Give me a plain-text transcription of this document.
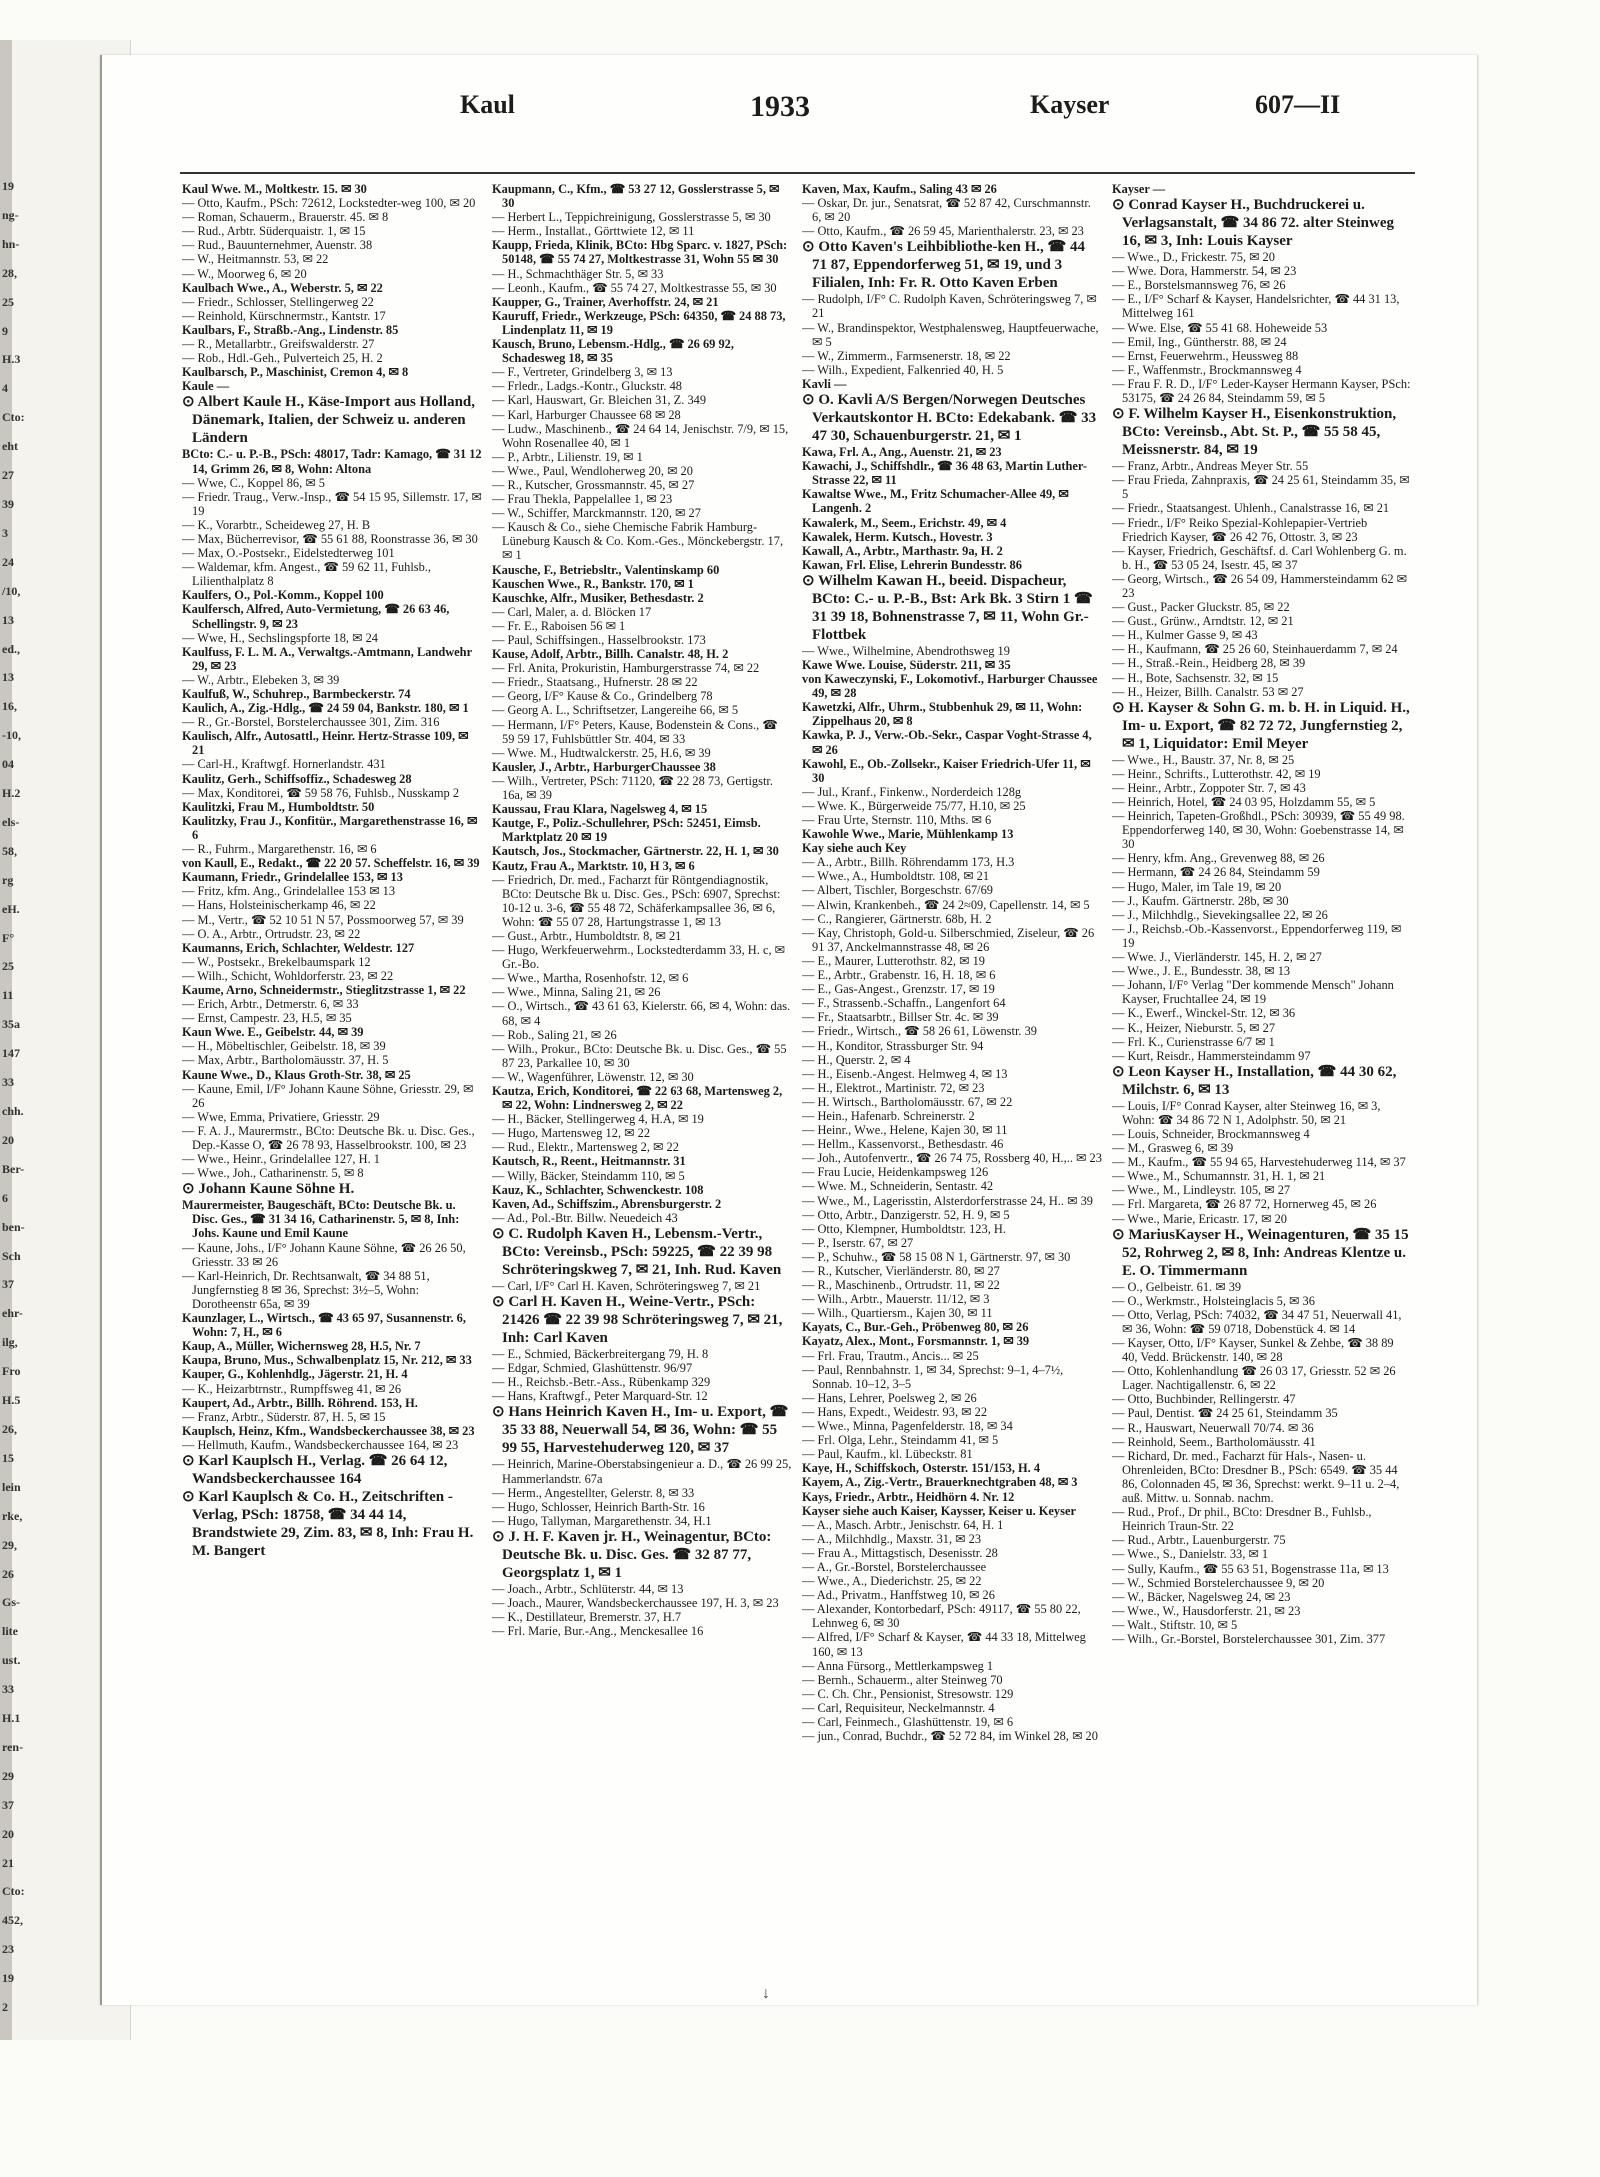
19
ng-
hn-
28,
25
9
H.3
4
Cto:
eht
27
39
3
24
/10,
13
ed.,
13
16,
-10,
04
H.2
els-
58,
rg
eH.
F°
25
11
35a
147
33
chh.
20
Ber-
6
ben-
Sch
37
ehr-
ilg,
Fro
H.5
26,
15
lein
rke,
29,
26
Gs-
lite
ust.
33
H.1
ren-
29
37
20
21
Cto:
452,
23
19
2
Kaul	1933	Kayser	607—II

Kaul Wwe. M., Moltkestr. 15. ✉ 30

— Otto, Kaufm., PSch: 72612, Lockstedter-weg 100, ✉ 20

— Roman, Schauerm., Brauerstr. 45. ✉ 8

— Rud., Arbtr. Süderquaistr. 1, ✉ 15

— Rud., Bauunternehmer, Auenstr. 38

— W., Heitmannstr. 53, ✉ 22

— W., Moorweg 6, ✉ 20

Kaulbach Wwe., A., Weberstr. 5, ✉ 22

— Friedr., Schlosser, Stellingerweg 22

— Reinhold, Kürschnermstr., Kantstr. 17

Kaulbars, F., Straßb.-Ang., Lindenstr. 85

— R., Metallarbtr., Greifswalderstr. 27

— Rob., Hdl.-Geh., Pulverteich 25, H. 2

Kaulbarsch, P., Maschinist, Cremon 4, ✉ 8

Kaule —

⊙ Albert Kaule H., Käse-Import aus Holland, Dänemark, Italien, der Schweiz u. anderen Ländern

BCto: C.- u. P.-B., PSch: 48017, Tadr: Kamago, ☎ 31 12 14, Grimm 26, ✉ 8, Wohn: Altona

— Wwe, C., Koppel 86, ✉ 5

— Friedr. Traug., Verw.-Insp., ☎ 54 15 95, Sillemstr. 17, ✉ 19

— K., Vorarbtr., Scheideweg 27, H. B

— Max, Bücherrevisor, ☎ 55 61 88, Roonstrasse 36, ✉ 30

— Max, O.-Postsekr., Eidelstedterweg 101

— Waldemar, kfm. Angest., ☎ 59 62 11, Fuhlsb., Lilienthalplatz 8

Kaulfers, O., Pol.-Komm., Koppel 100

Kaulfersch, Alfred, Auto-Vermietung, ☎ 26 63 46, Schellingstr. 9, ✉ 23

— Wwe, H., Sechslingspforte 18, ✉ 24

Kaulfuss, F. L. M. A., Verwaltgs.-Amtmann, Landwehr 29, ✉ 23

— W., Arbtr., Elebeken 3, ✉ 39

Kaulfuß, W., Schuhrep., Barmbeckerstr. 74

Kaulich, A., Zig.-Hdlg., ☎ 24 59 04, Bankstr. 180, ✉ 1

— R., Gr.-Borstel, Borstelerchaussee 301, Zim. 316

Kaulisch, Alfr., Autosattl., Heinr. Hertz-Strasse 109, ✉ 21

— Carl-H., Kraftwgf. Hornerlandstr. 431

Kaulitz, Gerh., Schiffsoffiz., Schadesweg 28

— Max, Konditorei, ☎ 59 58 76, Fuhlsb., Nusskamp 2

Kaulitzki, Frau M., Humboldtstr. 50

Kaulitzky, Frau J., Konfitür., Margarethenstrasse 16, ✉ 6

— R., Fuhrm., Margarethenstr. 16, ✉ 6

von Kaull, E., Redakt., ☎ 22 20 57. Scheffelstr. 16, ✉ 39

Kaumann, Friedr., Grindelallee 153, ✉ 13

— Fritz, kfm. Ang., Grindelallee 153 ✉ 13

— Hans, Holsteinischerkamp 46, ✉ 22

— M., Vertr., ☎ 52 10 51 N 57, Possmoorweg 57, ✉ 39

— O. A., Arbtr., Ortrudstr. 23, ✉ 22

Kaumanns, Erich, Schlachter, Weldestr. 127

— W., Postsekr., Brekelbaumspark 12

— Wilh., Schicht, Wohldorferstr. 23, ✉ 22

Kaume, Arno, Schneidermstr., Stieglitzstrasse 1, ✉ 22

— Erich, Arbtr., Detmerstr. 6, ✉ 33

— Ernst, Campestr. 23, H.5, ✉ 35

Kaun Wwe. E., Geibelstr. 44, ✉ 39

— H., Möbeltischler, Geibelstr. 18, ✉ 39

— Max, Arbtr., Bartholomäusstr. 37, H. 5

Kaune Wwe., D., Klaus Groth-Str. 38, ✉ 25

— Kaune, Emil, I/F° Johann Kaune Söhne, Griesstr. 29, ✉ 26

— Wwe, Emma, Privatiere, Griesstr. 29

— F. A. J., Maurermstr., BCto: Deutsche Bk. u. Disc. Ges., Dep.-Kasse O, ☎ 26 78 93, Hasselbrookstr. 100, ✉ 23

— Wwe., Heinr., Grindelallee 127, H. 1

— Wwe., Joh., Catharinenstr. 5, ✉ 8

⊙ Johann Kaune Söhne H.

Maurermeister, Baugeschäft, BCto: Deutsche Bk. u. Disc. Ges., ☎ 31 34 16, Catharinenstr. 5, ✉ 8, Inh: Johs. Kaune und Emil Kaune

— Kaune, Johs., I/F° Johann Kaune Söhne, ☎ 26 26 50, Griesstr. 33 ✉ 26

— Karl-Heinrich, Dr. Rechtsanwalt, ☎ 34 88 51, Jungfernstieg 8 ✉ 36, Sprechst: 3½–5, Wohn: Dorotheenstr 65a, ✉ 39

Kaunzlager, L., Wirtsch., ☎ 43 65 97, Susannenstr. 6, Wohn: 7, H., ✉ 6

Kaup, A., Müller, Wichernsweg 28, H.5, Nr. 7

Kaupa, Bruno, Mus., Schwalbenplatz 15, Nr. 212, ✉ 33

Kauper, G., Kohlenhdlg., Jägerstr. 21, H. 4

— K., Heizarbtrnstr., Rumpffsweg 41, ✉ 26

Kaupert, Ad., Arbtr., Billh. Röhrend. 153, H.

— Franz, Arbtr., Süderstr. 87, H. 5, ✉ 15

Kauplsch, Heinz, Kfm., Wandsbeckerchaussee 38, ✉ 23

— Hellmuth, Kaufm., Wandsbeckerchaussee 164, ✉ 23

⊙ Karl Kauplsch H., Verlag. ☎ 26 64 12, Wandsbeckerchaussee 164

⊙ Karl Kauplsch & Co. H., Zeitschriften - Verlag, PSch: 18758, ☎ 34 44 14, Brandstwiete 29, Zim. 83, ✉ 8, Inh: Frau H. M. Bangert

Kaupmann, C., Kfm., ☎ 53 27 12, Gosslerstrasse 5, ✉ 30

— Herbert L., Teppichreinigung, Gosslerstrasse 5, ✉ 30

— Herm., Installat., Görttwiete 12, ✉ 11

Kaupp, Frieda, Klinik, BCto: Hbg Sparc. v. 1827, PSch: 50148, ☎ 55 74 27, Moltkestrasse 31, Wohn 55 ✉ 30

— H., Schmachthäger Str. 5, ✉ 33

— Leonh., Kaufm., ☎ 55 74 27, Moltkestrasse 55, ✉ 30

Kaupper, G., Trainer, Averhoffstr. 24, ✉ 21

Kauruff, Friedr., Werkzeuge, PSch: 64350, ☎ 24 88 73, Lindenplatz 11, ✉ 19

Kausch, Bruno, Lebensm.-Hdlg., ☎ 26 69 92, Schadesweg 18, ✉ 35

— F., Vertreter, Grindelberg 3, ✉ 13

— Frledr., Ladgs.-Kontr., Gluckstr. 48

— Karl, Hauswart, Gr. Bleichen 31, Z. 349

— Karl, Harburger Chaussee 68 ✉ 28

— Ludw., Maschinenb., ☎ 24 64 14, Jenischstr. 7/9, ✉ 15, Wohn Rosenallee 40, ✉ 1

— P., Arbtr., Lilienstr. 19, ✉ 1

— Wwe., Paul, Wendloherweg 20, ✉ 20

— R., Kutscher, Grossmannstr. 45, ✉ 27

— Frau Thekla, Pappelallee 1, ✉ 23

— W., Schiffer, Marckmannstr. 120, ✉ 27

— Kausch & Co., siehe Chemische Fabrik Hamburg-Lüneburg Kausch & Co. Kom.-Ges., Mönckebergstr. 17, ✉ 1

Kausche, F., Betriebsltr., Valentinskamp 60

Kauschen Wwe., R., Bankstr. 170, ✉ 1

Kauschke, Alfr., Musiker, Bethesdastr. 2

— Carl, Maler, a. d. Blöcken 17

— Fr. E., Raboisen 56 ✉ 1

— Paul, Schiffsingen., Hasselbrookstr. 173

Kause, Adolf, Arbtr., Billh. Canalstr. 48, H. 2

— Frl. Anita, Prokuristin, Hamburgerstrasse 74, ✉ 22

— Friedr., Staatsang., Hufnerstr. 28 ✉ 22

— Georg, I/F° Kause & Co., Grindelberg 78

— Georg A. L., Schriftsetzer, Langereihe 66, ✉ 5

— Hermann, I/F° Peters, Kause, Bodenstein & Cons., ☎ 59 59 17, Fuhlsbüttler Str. 404, ✉ 33

— Wwe. M., Hudtwalckerstr. 25, H.6, ✉ 39

Kausler, J., Arbtr., HarburgerChaussee 38

— Wilh., Vertreter, PSch: 71120, ☎ 22 28 73, Gertigstr. 16a, ✉ 39

Kaussau, Frau Klara, Nagelsweg 4, ✉ 15

Kautge, F., Poliz.-Schullehrer, PSch: 52451, Eimsb. Marktplatz 20 ✉ 19

Kautsch, Jos., Stockmacher, Gärtnerstr. 22, H. 1, ✉ 30

Kautz, Frau A., Marktstr. 10, H 3, ✉ 6

— Friedrich, Dr. med., Facharzt für Röntgendiagnostik, BCto: Deutsche Bk u. Disc. Ges., PSch: 6907, Sprechst: 10-12 u. 3-6, ☎ 55 48 72, Schäferkampsallee 36, ✉ 6, Wohn: ☎ 55 07 28, Hartungstrasse 1, ✉ 13

— Gust., Arbtr., Humboldtstr. 8, ✉ 21

— Hugo, Werkfeuerwehrm., Lockstedterdamm 33, H. c, ✉ Gr.-Bo.

— Wwe., Martha, Rosenhofstr. 12, ✉ 6

— Wwe., Minna, Saling 21, ✉ 26

— O., Wirtsch., ☎ 43 61 63, Kielerstr. 66, ✉ 4, Wohn: das. 68, ✉ 4

— Rob., Saling 21, ✉ 26

— Wilh., Prokur., BCto: Deutsche Bk. u. Disc. Ges., ☎ 55 87 23, Parkallee 10, ✉ 30

— W., Wagenführer, Löwenstr. 12, ✉ 30

Kautza, Erich, Konditorei, ☎ 22 63 68, Martensweg 2, ✉ 22, Wohn: Lindnersweg 2, ✉ 22

— H., Bäcker, Stellingerweg 4, H.A, ✉ 19

— Hugo, Martensweg 12, ✉ 22

— Rud., Elektr., Martensweg 2, ✉ 22

Kautsch, R., Reent., Heitmannstr. 31

— Willy, Bäcker, Steindamm 110, ✉ 5

Kauz, K., Schlachter, Schwenckestr. 108

Kaven, Ad., Schiffszim., Abrensburgerstr. 2

— Ad., Pol.-Btr. Billw. Neuedeich 43

⊙ C. Rudolph Kaven H., Lebensm.-Vertr., BCto: Vereinsb., PSch: 59225, ☎ 22 39 98 Schröteringskweg 7, ✉ 21, Inh. Rud. Kaven

— Carl, I/F° Carl H. Kaven, Schröteringsweg 7, ✉ 21

⊙ Carl H. Kaven H., Weine-Vertr., PSch: 21426 ☎ 22 39 98 Schröteringsweg 7, ✉ 21, Inh: Carl Kaven

— E., Schmied, Bäckerbreitergang 79, H. 8

— Edgar, Schmied, Glashüttenstr. 96/97

— H., Reichsb.-Betr.-Ass., Rübenkamp 329

— Hans, Kraftwgf., Peter Marquard-Str. 12

⊙ Hans Heinrich Kaven H., Im- u. Export, ☎ 35 33 88, Neuerwall 54, ✉ 36, Wohn: ☎ 55 99 55, Harvestehuderweg 120, ✉ 37

— Heinrich, Marine-Oberstabsingenieur a. D., ☎ 26 99 25, Hammerlandstr. 67a

— Herm., Angestellter, Gelerstr. 8, ✉ 33

— Hugo, Schlosser, Heinrich Barth-Str. 16

— Hugo, Tallyman, Margarethenstr. 34, H.1

⊙ J. H. F. Kaven jr. H., Weinagentur, BCto: Deutsche Bk. u. Disc. Ges. ☎ 32 87 77, Georgsplatz 1, ✉ 1

— Joach., Arbtr., Schlüterstr. 44, ✉ 13

— Joach., Maurer, Wandsbeckerchaussee 197, H. 3, ✉ 23

— K., Destillateur, Bremerstr. 37, H.7

— Frl. Marie, Bur.-Ang., Menckesallee 16

Kaven, Max, Kaufm., Saling 43 ✉ 26

— Oskar, Dr. jur., Senatsrat, ☎ 52 87 42, Curschmannstr. 6, ✉ 20

— Otto, Kaufm., ☎ 26 59 45, Marienthalerstr. 23, ✉ 23

⊙ Otto Kaven's Leihbibliothe-ken H., ☎ 44 71 87, Eppendorferweg 51, ✉ 19, und 3 Filialen, Inh: Fr. R. Otto Kaven Erben

— Rudolph, I/F° C. Rudolph Kaven, Schröteringsweg 7, ✉ 21

— W., Brandinspektor, Westphalensweg, Hauptfeuerwache, ✉ 5

— W., Zimmerm., Farmsenerstr. 18, ✉ 22

— Wilh., Expedient, Falkenried 40, H. 5

Kavli —

⊙ O. Kavli A/S Bergen/Norwegen Deutsches Verkautskontor H. BCto: Edekabank. ☎ 33 47 30, Schauenburgerstr. 21, ✉ 1

Kawa, Frl. A., Ang., Auenstr. 21, ✉ 23

Kawachi, J., Schiffshdlr., ☎ 36 48 63, Martin Luther-Strasse 22, ✉ 11

Kawaltse Wwe., M., Fritz Schumacher-Allee 49, ✉ Langenh. 2

Kawalerk, M., Seem., Erichstr. 49, ✉ 4

Kawalek, Herm. Kutsch., Hovestr. 3

Kawall, A., Arbtr., Marthastr. 9a, H. 2

Kawan, Frl. Elise, Lehrerin Bundesstr. 86

⊙ Wilhelm Kawan H., beeid. Dispacheur, BCto: C.- u. P.-B., Bst: Ark Bk. 3 Stirn 1 ☎ 31 39 18, Bohnenstrasse 7, ✉ 11, Wohn Gr.-Flottbek

— Wwe., Wilhelmine, Abendrothsweg 19

Kawe Wwe. Louise, Süderstr. 211, ✉ 35

von Kaweczynski, F., Lokomotivf., Harburger Chaussee 49, ✉ 28

Kawetzki, Alfr., Uhrm., Stubbenhuk 29, ✉ 11, Wohn: Zippelhaus 20, ✉ 8

Kawka, P. J., Verw.-Ob.-Sekr., Caspar Voght-Strasse 4, ✉ 26

Kawohl, E., Ob.-Zollsekr., Kaiser Friedrich-Ufer 11, ✉ 30

— Jul., Kranf., Finkenw., Norderdeich 128g

— Wwe. K., Bürgerweide 75/77, H.10, ✉ 25

— Frau Urte, Sternstr. 110, Mths. ✉ 6

Kawohle Wwe., Marie, Mühlenkamp 13

Kay siehe auch Key

— A., Arbtr., Billh. Röhrendamm 173, H.3

— Wwe., A., Humboldtstr. 108, ✉ 21

— Albert, Tischler, Borgeschstr. 67/69

— Alwin, Krankenbeh., ☎ 24 2≈09, Capellenstr. 14, ✉ 5

— C., Rangierer, Gärtnerstr. 68b, H. 2

— Kay, Christoph, Gold-u. Silberschmied, Ziseleur, ☎ 26 91 37, Anckelmannstrasse 48, ✉ 26

— E., Maurer, Lutterothstr. 82, ✉ 19

— E., Arbtr., Grabenstr. 16, H. 18, ✉ 6

— E., Gas-Angest., Grenzstr. 17, ✉ 19

— F., Strassenb.-Schaffn., Langenfort 64

— Fr., Staatsarbtr., Billser Str. 4c. ✉ 39

— Friedr., Wirtsch., ☎ 58 26 61, Löwenstr. 39

— H., Konditor, Strassburger Str. 94

— H., Querstr. 2, ✉ 4

— H., Eisenb.-Angest. Helmweg 4, ✉ 13

— H., Elektrot., Martinistr. 72, ✉ 23

— H. Wirtsch., Bartholomäusstr. 67, ✉ 22

— Hein., Hafenarb. Schreinerstr. 2

— Heinr., Wwe., Helene, Kajen 30, ✉ 11

— Hellm., Kassenvorst., Bethesdastr. 46

— Joh., Autofenvertr., ☎ 26 74 75, Rossberg 40, H.,.. ✉ 23

— Frau Lucie, Heidenkampsweg 126

— Wwe. M., Schneiderin, Sentastr. 42

— Wwe., M., Lagerisstin, Alsterdorferstrasse 24, H.. ✉ 39

— Otto, Arbtr., Danzigerstr. 52, H. 9, ✉ 5

— Otto, Klempner, Humboldtstr. 123, H.

— P., Iserstr. 67, ✉ 27

— P., Schuhw., ☎ 58 15 08 N 1, Gärtnerstr. 97, ✉ 30

— R., Kutscher, Vierländerstr. 80, ✉ 27

— R., Maschinenb., Ortrudstr. 11, ✉ 22

— Wilh., Arbtr., Mauerstr. 11/12, ✉ 3

— Wilh., Quartiersm., Kajen 30, ✉ 11

Kayats, C., Bur.-Geh., Pröbenweg 80, ✉ 26

Kayatz, Alex., Mont., Forsmannstr. 1, ✉ 39

— Frl. Frau, Trautm., Ancis... ✉ 25

— Paul, Rennbahnstr. 1, ✉ 34, Sprechst: 9–1, 4–7½, Sonnab. 10–12, 3–5

— Hans, Lehrer, Poelsweg 2, ✉ 26

— Hans, Expedt., Weidestr. 93, ✉ 22

— Wwe., Minna, Pagenfelderstr. 18, ✉ 34

— Frl. Olga, Lehr., Steindamm 41, ✉ 5

— Paul, Kaufm., kl. Lübeckstr. 81

Kaye, H., Schiffskoch, Osterstr. 151/153, H. 4

Kayem, A., Zig.-Vertr., Brauerknechtgraben 48, ✉ 3

Kays, Friedr., Arbtr., Heidhörn 4. Nr. 12

Kayser siehe auch Kaiser, Kaysser, Keiser u. Keyser

— A., Masch. Arbtr., Jenischstr. 64, H. 1

— A., Milchhdlg., Maxstr. 31, ✉ 23

— Frau A., Mittagstisch, Desenisstr. 28

— A., Gr.-Borstel, Borstelerchaussee

— Wwe., A., Diederichstr. 25, ✉ 22

— Ad., Privatm., Hanffstweg 10, ✉ 26

— Alexander, Kontorbedarf, PSch: 49117, ☎ 55 80 22, Lehnweg 6, ✉ 30

— Alfred, I/F° Scharf & Kayser, ☎ 44 33 18, Mittelweg 160, ✉ 13

— Anna Fürsorg., Mettlerkampsweg 1

— Bernh., Schauerm., alter Steinweg 70

— C. Ch. Chr., Pensionist, Stresowstr. 129

— Carl, Requisiteur, Neckelmannstr. 4

— Carl, Feinmech., Glashüttenstr. 19, ✉ 6

— jun., Conrad, Buchdr., ☎ 52 72 84, im Winkel 28, ✉ 20

Kayser —

⊙ Conrad Kayser H., Buchdruckerei u. Verlagsanstalt, ☎ 34 86 72. alter Steinweg 16, ✉ 3, Inh: Louis Kayser

— Wwe., D., Frickestr. 75, ✉ 20

— Wwe. Dora, Hammerstr. 54, ✉ 23

— E., Borstelsmannsweg 76, ✉ 26

— E., I/F° Scharf & Kayser, Handelsrichter, ☎ 44 31 13, Mittelweg 161

— Wwe. Else, ☎ 55 41 68. Hoheweide 53

— Emil, Ing., Güntherstr. 88, ✉ 24

— Ernst, Feuerwehrm., Heussweg 88

— F., Waffenmstr., Brockmannsweg 4

— Frau F. R. D., I/F° Leder-Kayser Hermann Kayser, PSch: 53175, ☎ 24 26 84, Steindamm 59, ✉ 5

⊙ F. Wilhelm Kayser H., Eisenkonstruktion, BCto: Vereinsb., Abt. St. P., ☎ 55 58 45, Meissnerstr. 84, ✉ 19

— Franz, Arbtr., Andreas Meyer Str. 55

— Frau Frieda, Zahnpraxis, ☎ 24 25 61, Steindamm 35, ✉ 5

— Friedr., Staatsangest. Uhlenh., Canalstrasse 16, ✉ 21

— Friedr., I/F° Reiko Spezial-Kohlepapier-Vertrieb Friedrich Kayser, ☎ 26 42 76, Ottostr. 3, ✉ 23

— Kayser, Friedrich, Geschäftsf. d. Carl Wohlenberg G. m. b. H., ☎ 53 05 24, Isestr. 45, ✉ 37

— Georg, Wirtsch., ☎ 26 54 09, Hammersteindamm 62 ✉ 23

— Gust., Packer Gluckstr. 85, ✉ 22

— Gust., Grünw., Arndtstr. 12, ✉ 21

— H., Kulmer Gasse 9, ✉ 43

— H., Kaufmann, ☎ 25 26 60, Steinhauerdamm 7, ✉ 24

— H., Straß.-Rein., Heidberg 28, ✉ 39

— H., Bote, Sachsenstr. 32, ✉ 15

— H., Heizer, Billh. Canalstr. 53 ✉ 27

⊙ H. Kayser & Sohn G. m. b. H. in Liquid. H., Im- u. Export, ☎ 82 72 72, Jungfernstieg 2, ✉ 1, Liquidator: Emil Meyer

— Wwe., H., Baustr. 37, Nr. 8, ✉ 25

— Heinr., Schrifts., Lutterothstr. 42, ✉ 19

— Heinr., Arbtr., Zoppoter Str. 7, ✉ 43

— Heinrich, Hotel, ☎ 24 03 95, Holzdamm 55, ✉ 5

— Heinrich, Tapeten-Großhdl., PSch: 30939, ☎ 55 49 98. Eppendorferweg 140, ✉ 30, Wohn: Goebenstrasse 14, ✉ 30

— Henry, kfm. Ang., Grevenweg 88, ✉ 26

— Hermann, ☎ 24 26 84, Steindamm 59

— Hugo, Maler, im Tale 19, ✉ 20

— J., Kaufm. Gärtnerstr. 28b, ✉ 30

— J., Milchhdlg., Sievekingsallee 22, ✉ 26

— J., Reichsb.-Ob.-Kassenvorst., Eppendorferweg 119, ✉ 19

— Wwe. J., Vierländerstr. 145, H. 2, ✉ 27

— Wwe., J. E., Bundesstr. 38, ✉ 13

— Johann, I/F° Verlag "Der kommende Mensch" Johann Kayser, Fruchtallee 24, ✉ 19

— K., Ewerf., Winckel-Str. 12, ✉ 36

— K., Heizer, Nieburstr. 5, ✉ 27

— Frl. K., Curienstrasse 6/7 ✉ 1

— Kurt, Reisdr., Hammersteindamm 97

⊙ Leon Kayser H., Installation, ☎ 44 30 62, Milchstr. 6, ✉ 13

— Louis, I/F° Conrad Kayser, alter Steinweg 16, ✉ 3, Wohn: ☎ 34 86 72 N 1, Adolphstr. 50, ✉ 21

— Louis, Schneider, Brockmannsweg 4

— M., Grasweg 6, ✉ 39

— M., Kaufm., ☎ 55 94 65, Harvestehuderweg 114, ✉ 37

— Wwe., M., Schumannstr. 31, H. 1, ✉ 21

— Wwe., M., Lindleystr. 105, ✉ 27

— Frl. Margareta, ☎ 26 87 72, Hornerweg 45, ✉ 26

— Wwe., Marie, Ericastr. 17, ✉ 20

⊙ MariusKayser H., Weinagenturen, ☎ 35 15 52, Rohrweg 2, ✉ 8, Inh: Andreas Klentze u. E. O. Timmermann

— O., Gelbeistr. 61. ✉ 39

— O., Werkmstr., Holsteinglacis 5, ✉ 36

— Otto, Verlag, PSch: 74032, ☎ 34 47 51, Neuerwall 41, ✉ 36, Wohn: ☎ 59 0718, Dobenstück 4. ✉ 14

— Kayser, Otto, I/F° Kayser, Sunkel & Zehbe, ☎ 38 89 40, Vedd. Brückenstr. 140, ✉ 28

— Otto, Kohlenhandlung ☎ 26 03 17, Griesstr. 52 ✉ 26 Lager. Nachtigallenstr. 6, ✉ 22

— Otto, Buchbinder, Rellingerstr. 47

— Paul, Dentist. ☎ 24 25 61, Steindamm 35

— R., Hauswart, Neuerwall 70/74. ✉ 36

— Reinhold, Seem., Bartholomäusstr. 41

— Richard, Dr. med., Facharzt für Hals-, Nasen- u. Ohrenleiden, BCto: Dresdner B., PSch: 6549. ☎ 35 44 86, Colonnaden 45, ✉ 36, Sprechst: werkt. 9–11 u. 2–4, auß. Mittw. u. Sonnab. nachm.

— Rud., Prof., Dr phil., BCto: Dresdner B., Fuhlsb., Heinrich Traun-Str. 22

— Rud., Arbtr., Lauenburgerstr. 75

— Wwe., S., Danielstr. 33, ✉ 1

— Sully, Kaufm., ☎ 55 63 51, Bogenstrasse 11a, ✉ 13

— W., Schmied Borstelerchaussee 9, ✉ 20

— W., Bäcker, Nagelsweg 24, ✉ 23

— Wwe., W., Hausdorferstr. 21, ✉ 23

— Walt., Stiftstr. 10, ✉ 5

— Wilh., Gr.-Borstel, Borstelerchaussee 301, Zim. 377

↓
